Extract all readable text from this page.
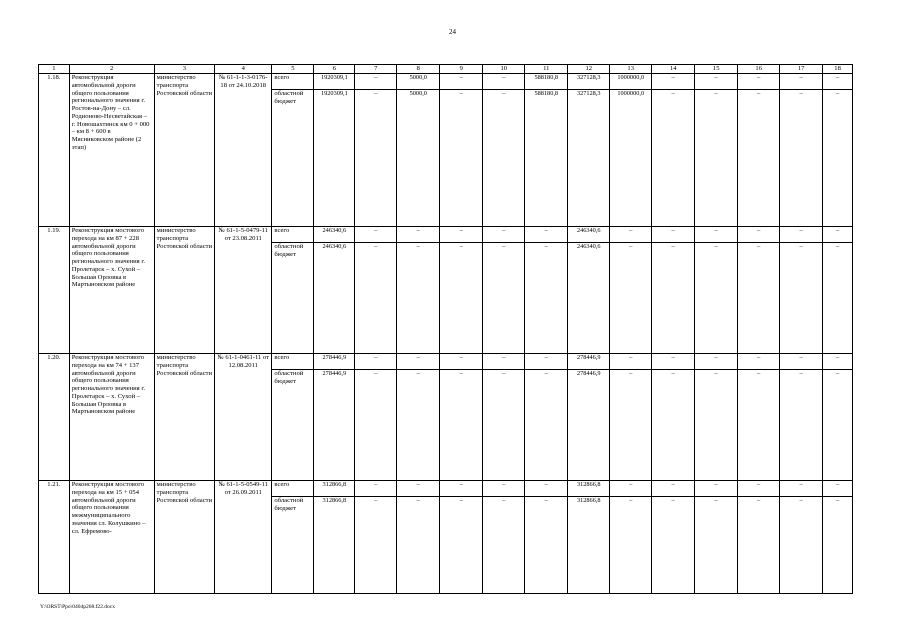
24
1	2	3	4	5	6	7	8	9	10	11	12	13	14	15	16	17	18
1.18.	Реконструкция автомобильной дороги общего пользования регионального значения г. Ростов-на-Дону – сл. Родионово-Несветайская – г. Новошахтинск км 0 + 000 – км 8 + 600 в Мясниковском районе (2 этап)	министерство транспорта Ростовской области	№ 61-1-1-3-0176-18 от 24.10.2018	всего	1920309,1	–	5000,0	–	–	588180,8	327128,3	1000000,0	–	–	–	–	–
				областной бюджет	1920309,1	–	5000,0	–	–	588180,8	327128,3	1000000,0	–	–	–	–	–
1.19.	Реконструкция мостового перехода на км 87 + 228 автомобильной дороги общего пользования регионального значения г. Пролетарск – х. Сухой – Большая Орловка в Мартыновском районе	министерство транспорта Ростовской области	№ 61-1-5-0479-11 от 23.08.2011	всего	246340,6	–	–	–	–	–	246340,6	–	–	–	–	–	–
				областной бюджет	246340,6	–	–	–	–	–	246340,6	–	–	–	–	–	–
1.20.	Реконструкция мостового перехода на км 74 + 137 автомобильной дороги общего пользования регионального значения г. Пролетарск – х. Сухой – Большая Орловка в Мартыновском районе	министерство транспорта Ростовской области	№ 61-1-0461-11 от 12.08.2011	всего	278446,9	–	–	–	–	–	278446,9	–	–	–	–	–	–
				областной бюджет	278446,9	–	–	–	–	–	278446,9	–	–	–	–	–	–
1.21.	Реконструкция мостового перехода на км 15 + 054 автомобильной дороги общего пользования межмуниципального значения сл. Колушкино – сл. Ефремово-	министерство транспорта Ростовской области	№ 61-1-5-0549-11 от 26.09.2011	всего	312866,8	–	–	–	–	–	312866,8	–	–	–	–	–	–
				областной бюджет	312866,8	–	–	–	–	–	312866,8	–	–	–	–	–	–
Y:\ORST\Ppo\0404p268.f22.docx
